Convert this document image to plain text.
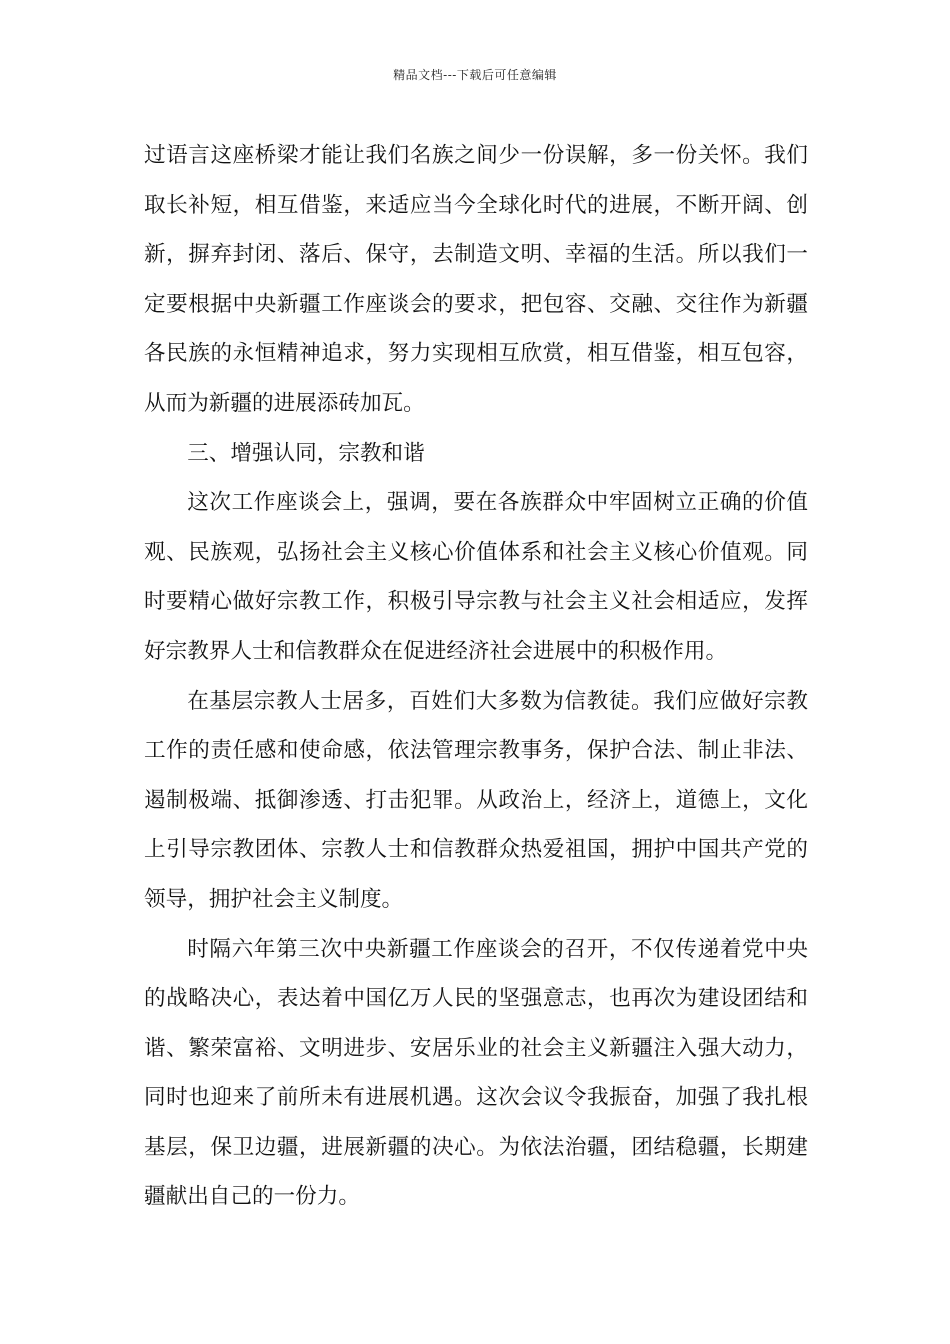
精品文档---下载后可任意编辑

过语言这座桥梁才能让我们名族之间少一份误解，多一份关怀。我们取长补短，相互借鉴，来适应当今全球化时代的进展，不断开阔、创新，摒弃封闭、落后、保守，去制造文明、幸福的生活。所以我们一定要根据中央新疆工作座谈会的要求，把包容、交融、交往作为新疆各民族的永恒精神追求，努力实现相互欣赏，相互借鉴，相互包容，从而为新疆的进展添砖加瓦。

三、增强认同，宗教和谐

这次工作座谈会上，强调，要在各族群众中牢固树立正确的价值观、民族观，弘扬社会主义核心价值体系和社会主义核心价值观。同时要精心做好宗教工作，积极引导宗教与社会主义社会相适应，发挥好宗教界人士和信教群众在促进经济社会进展中的积极作用。

在基层宗教人士居多，百姓们大多数为信教徒。我们应做好宗教工作的责任感和使命感，依法管理宗教事务，保护合法、制止非法、遏制极端、抵御渗透、打击犯罪。从政治上，经济上，道德上，文化上引导宗教团体、宗教人士和信教群众热爱祖国，拥护中国共产党的领导，拥护社会主义制度。

时隔六年第三次中央新疆工作座谈会的召开，不仅传递着党中央的战略决心，表达着中国亿万人民的坚强意志，也再次为建设团结和谐、繁荣富裕、文明进步、安居乐业的社会主义新疆注入强大动力，同时也迎来了前所未有进展机遇。这次会议令我振奋，加强了我扎根基层，保卫边疆，进展新疆的决心。为依法治疆，团结稳疆，长期建疆献出自己的一份力。
